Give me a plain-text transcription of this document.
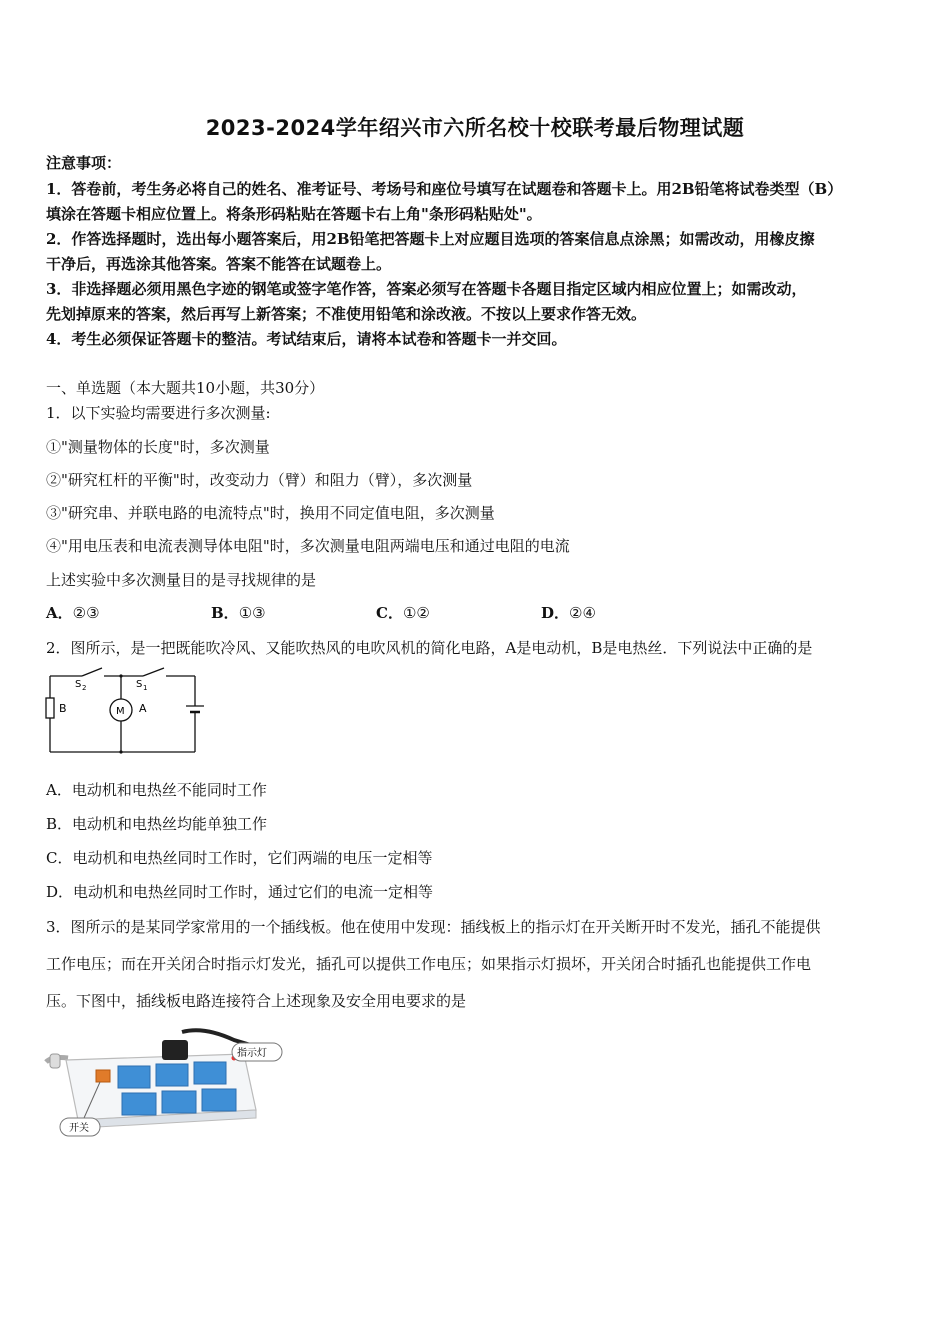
2023-2024学年绍兴市六所名校十校联考最后物理试题
注意事项：
1．答卷前，考生务必将自己的姓名、准考证号、考场号和座位号填写在试题卷和答题卡上。用2B铅笔将试卷类型（B）
填涂在答题卡相应位置上。将条形码粘贴在答题卡右上角"条形码粘贴处"。
2．作答选择题时，选出每小题答案后，用2B铅笔把答题卡上对应题目选项的答案信息点涂黑；如需改动，用橡皮擦
干净后，再选涂其他答案。答案不能答在试题卷上。
3．非选择题必须用黑色字迹的钢笔或签字笔作答，答案必须写在答题卡各题目指定区域内相应位置上；如需改动，
先划掉原来的答案，然后再写上新答案；不准使用铅笔和涂改液。不按以上要求作答无效。
4．考生必须保证答题卡的整洁。考试结束后，请将本试卷和答题卡一并交回。
一、单选题（本大题共10小题，共30分）
1．以下实验均需要进行多次测量:
①"测量物体的长度"时，多次测量
②"研究杠杆的平衡"时，改变动力（臂）和阻力（臂），多次测量
③"研究串、并联电路的电流特点"时，换用不同定值电阻，多次测量
④"用电压表和电流表测导体电阻"时，多次测量电阻两端电压和通过电阻的电流
上述实验中多次测量目的是寻找规律的是
A．②③	B．①③	C．①②	D．②④
2．图所示，是一把既能吹冷风、又能吹热风的电吹风机的简化电路，A是电动机，B是电热丝．下列说法中正确的是
S 2	S 1
B	M A
A．电动机和电热丝不能同时工作
B．电动机和电热丝均能单独工作
C．电动机和电热丝同时工作时，它们两端的电压一定相等
D．电动机和电热丝同时工作时，通过它们的电流一定相等
3．图所示的是某同学家常用的一个插线板。他在使用中发现：插线板上的指示灯在开关断开时不发光，插孔不能提供
工作电压；而在开关闭合时指示灯发光，插孔可以提供工作电压；如果指示灯损坏，开关闭合时插孔也能提供工作电
压。下图中，插线板电路连接符合上述现象及安全用电要求的是
指示灯
开关
